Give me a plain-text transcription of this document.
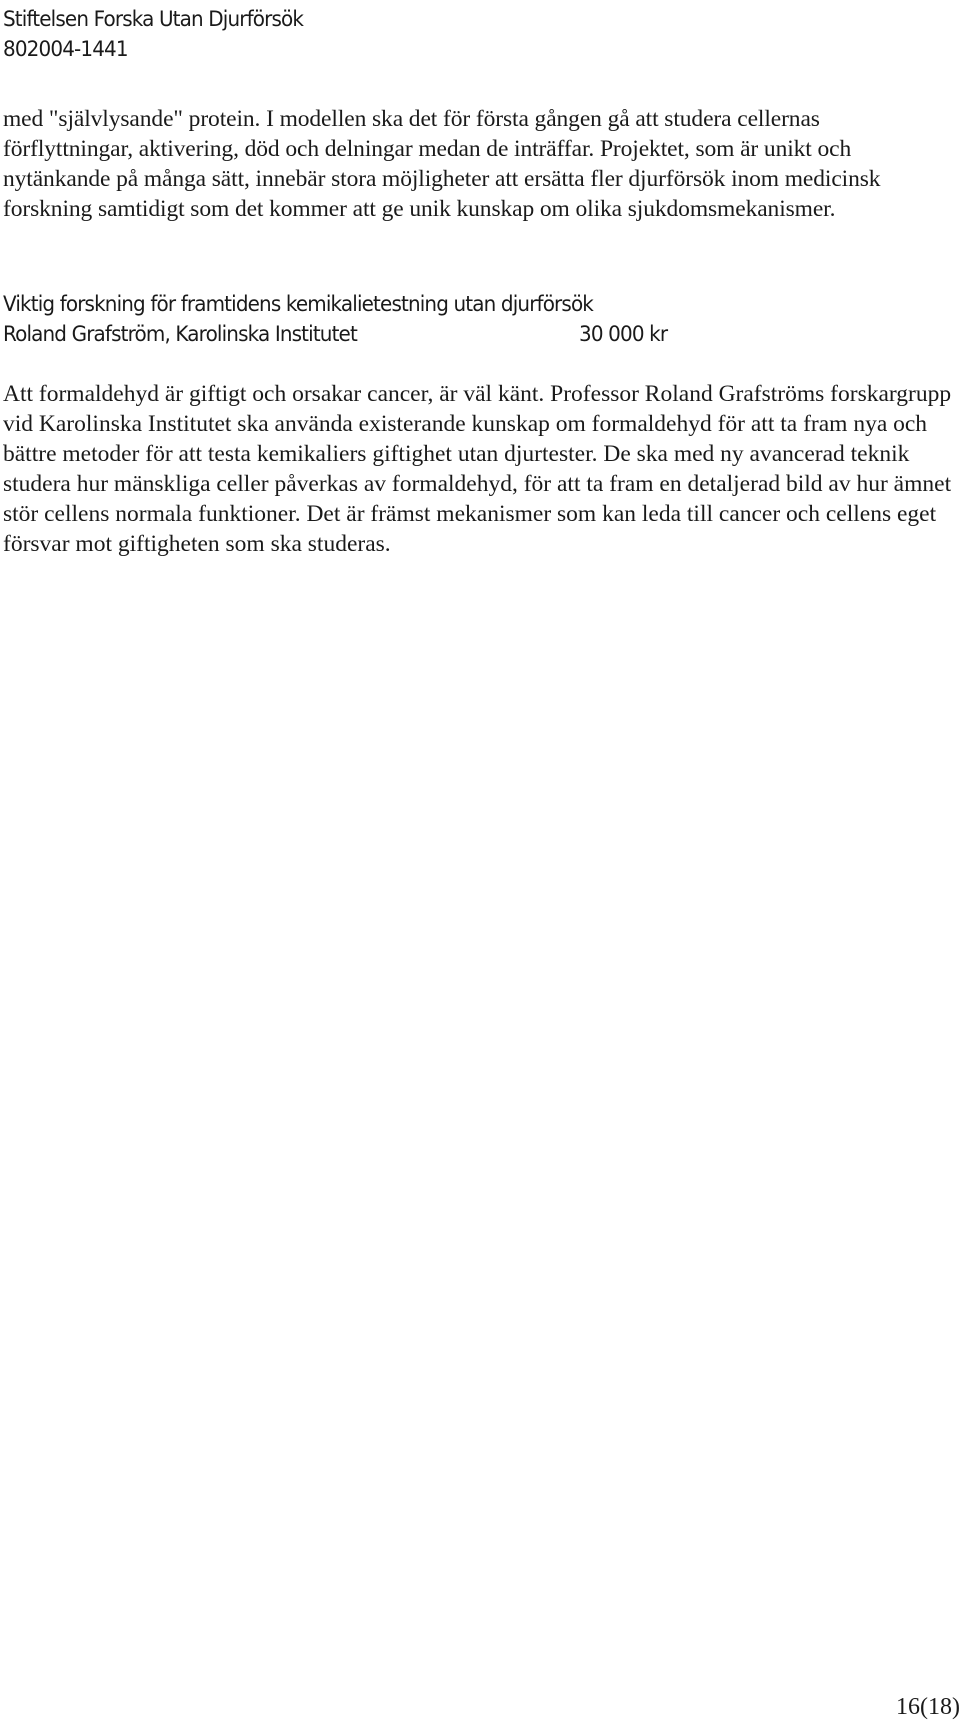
Stiftelsen Forska Utan Djurförsök
802004-1441

med "självlysande" protein. I modellen ska det för första gången gå att studera cellernas förflyttningar, aktivering, död och delningar medan de inträffar. Projektet, som är unikt och nytänkande på många sätt, innebär stora möjligheter att ersätta fler djurförsök inom medicinsk forskning samtidigt som det kommer att ge unik kunskap om olika sjukdomsmekanismer.

Viktig forskning för framtidens kemikalietestning utan djurförsök
Roland Grafström, Karolinska Institutet	30 000 kr

Att formaldehyd är giftigt och orsakar cancer, är väl känt. Professor Roland Grafströms forskargrupp vid Karolinska Institutet ska använda existerande kunskap om formaldehyd för att ta fram nya och bättre metoder för att testa kemikaliers giftighet utan djurtester. De ska med ny avancerad teknik studera hur mänskliga celler påverkas av formaldehyd, för att ta fram en detaljerad bild av hur ämnet stör cellens normala funktioner. Det är främst mekanismer som kan leda till cancer och cellens eget försvar mot giftigheten som ska studeras.

16(18)
